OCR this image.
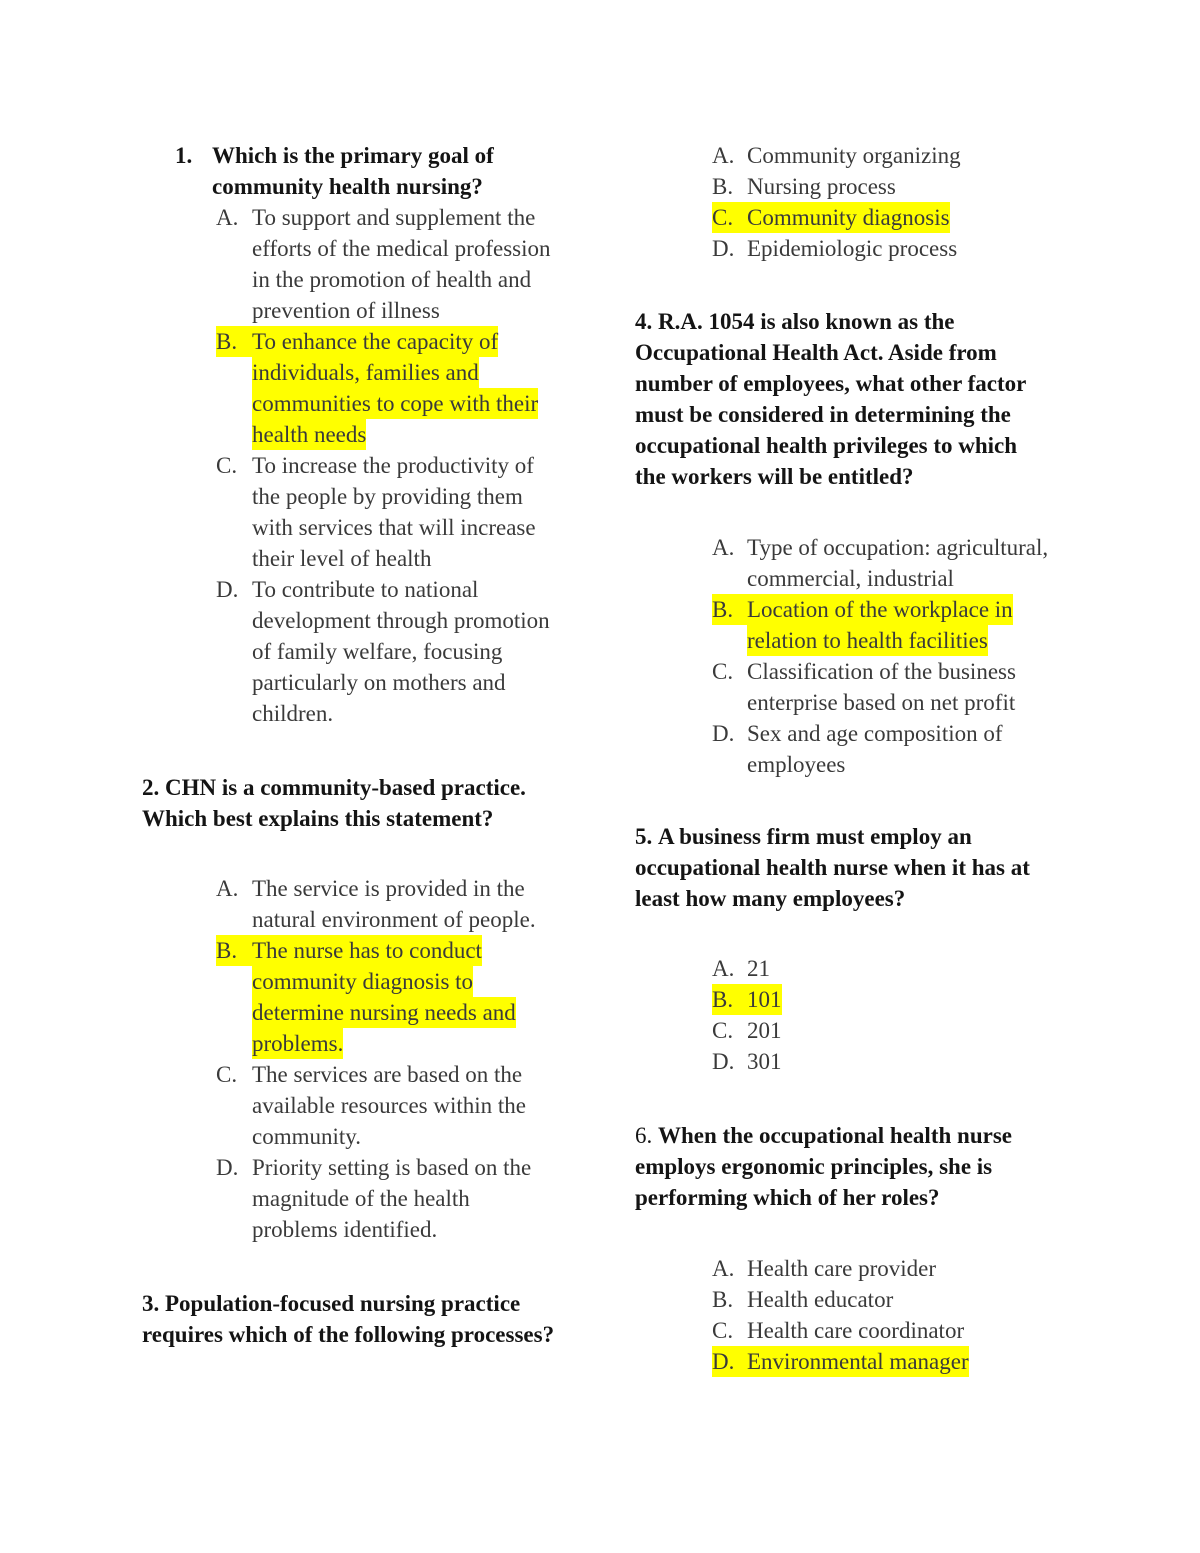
1. Which is the primary goal of
community health nursing?
A. To support and supplement the
efforts of the medical profession
in the promotion of health and
prevention of illness
B. To enhance the capacity of
individuals, families and
communities to cope with their
health needs
C. To increase the productivity of
the people by providing them
with services that will increase
their level of health
D. To contribute to national
development through promotion
of family welfare, focusing
particularly on mothers and
children.
2. CHN is a community-based practice.
Which best explains this statement?
A. The service is provided in the
natural environment of people.
B. The nurse has to conduct
community diagnosis to
determine nursing needs and
problems.
C. The services are based on the
available resources within the
community.
D. Priority setting is based on the
magnitude of the health
problems identified.
3. Population-focused nursing practice
requires which of the following processes?
A. Community organizing
B. Nursing process
C. Community diagnosis
D. Epidemiologic process
4. R.A. 1054 is also known as the
Occupational Health Act. Aside from
number of employees, what other factor
must be considered in determining the
occupational health privileges to which
the workers will be entitled?
A. Type of occupation: agricultural,
commercial, industrial
B. Location of the workplace in
relation to health facilities
C. Classification of the business
enterprise based on net profit
D. Sex and age composition of
employees
5. A business firm must employ an
occupational health nurse when it has at
least how many employees?
A. 21
B. 101
C. 201
D. 301
6. When the occupational health nurse
employs ergonomic principles, she is
performing which of her roles?
A. Health care provider
B. Health educator
C. Health care coordinator
D. Environmental manager
